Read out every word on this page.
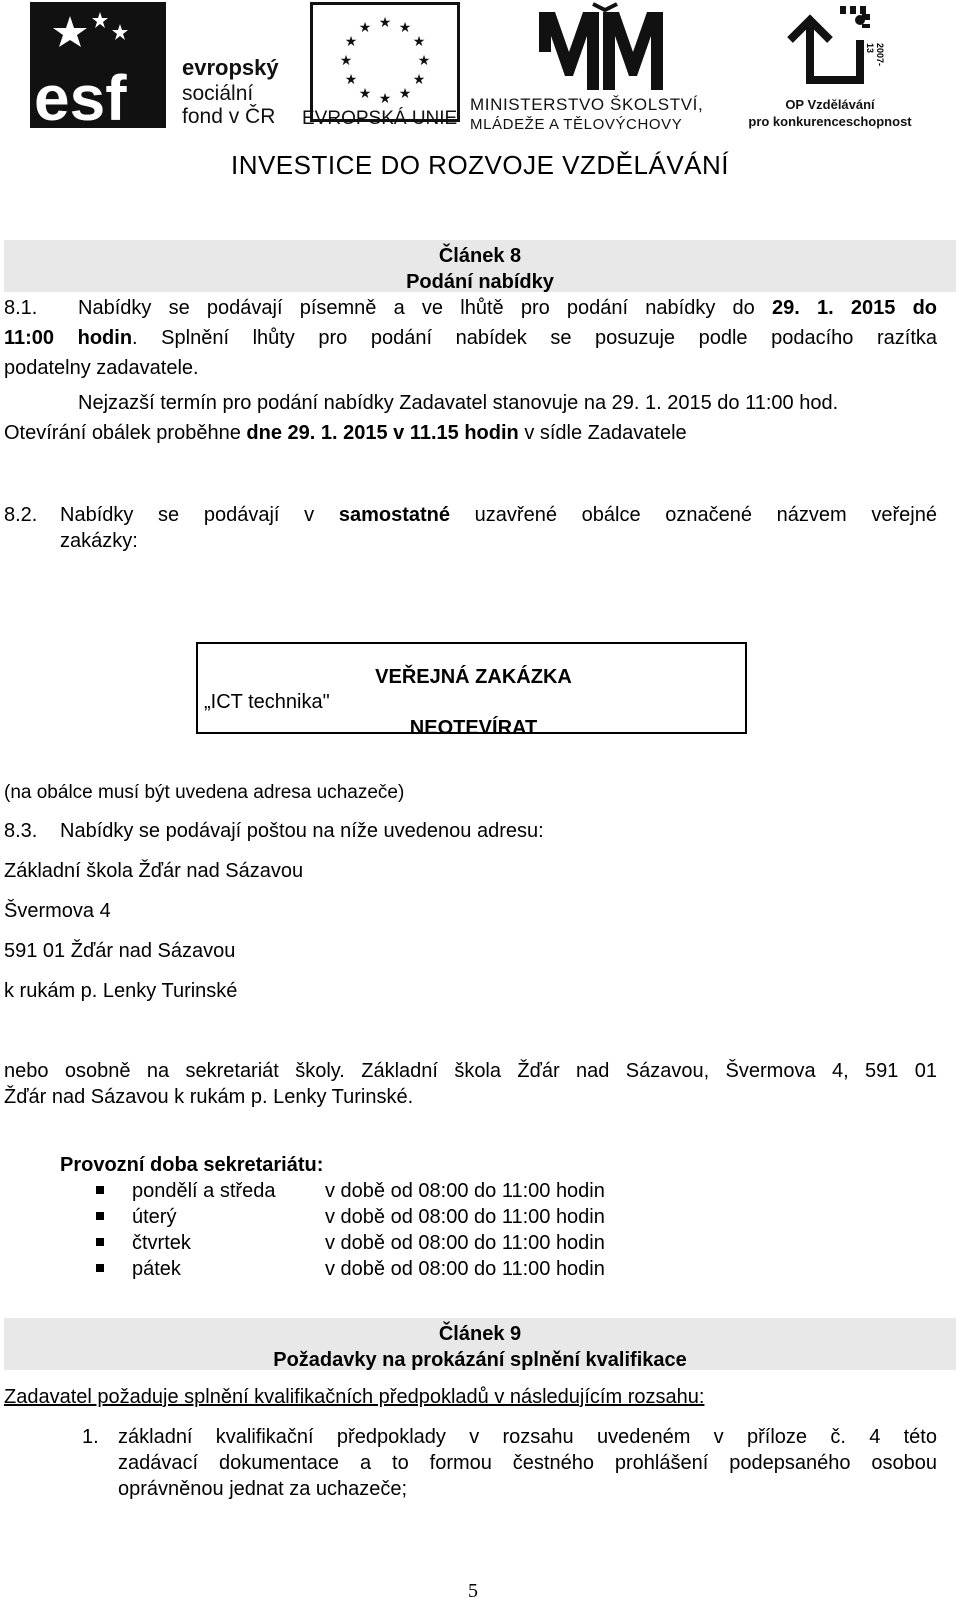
esf	evropský
sociální
fond v ČR
★ ★
★
★
★
★
★
★
★
★
★
★
EVROPSKÁ UNIE
MINISTERSTVO ŠKOLSTVÍ,
MLÁDEŽE A TĚLOVÝCHOVY
2007-13
OP Vzdělávání
pro konkurenceschopnost
INVESTICE DO ROZVOJE VZDĚLÁVÁNÍ
Článek 8
Podání nabídky
8.1. Nabídky se podávají písemně a ve lhůtě pro podání nabídky do 29. 1. 2015 do
11:00 hodin. Splnění lhůty pro podání nabídek se posuzuje podle podacího razítka
podatelny zadavatele.
Nejzazší termín pro podání nabídky Zadavatel stanovuje na 29. 1. 2015 do 11:00 hod.
Otevírání obálek proběhne dne 29. 1. 2015 v 11.15 hodin v sídle Zadavatele
8.2. Nabídky se podávají v samostatné uzavřené obálce označené názvem veřejné
zakázky:
VEŘEJNÁ ZAKÁZKA
„ICT technika"
NEOTEVÍRAT
(na obálce musí být uvedena adresa uchazeče)
8.3. Nabídky se podávají poštou na níže uvedenou adresu:
Základní škola Žďár nad Sázavou
Švermova 4
591 01 Žďár nad Sázavou
k rukám p. Lenky Turinské
nebo osobně na sekretariát školy. Základní škola Žďár nad Sázavou, Švermova 4, 591 01
Žďár nad Sázavou k rukám p. Lenky Turinské.
Provozní doba sekretariátu:
pondělí a středa v době od 08:00 do 11:00 hodin
úterý	v době od 08:00 do 11:00 hodin
čtvrtek	v době od 08:00 do 11:00 hodin
pátek	v době od 08:00 do 11:00 hodin
Článek 9
Požadavky na prokázání splnění kvalifikace
Zadavatel požaduje splnění kvalifikačních předpokladů v následujícím rozsahu:
1. základní kvalifikační předpoklady v rozsahu uvedeném v příloze č. 4 této
zadávací dokumentace a to formou čestného prohlášení podepsaného osobou
oprávněnou jednat za uchazeče;
5
